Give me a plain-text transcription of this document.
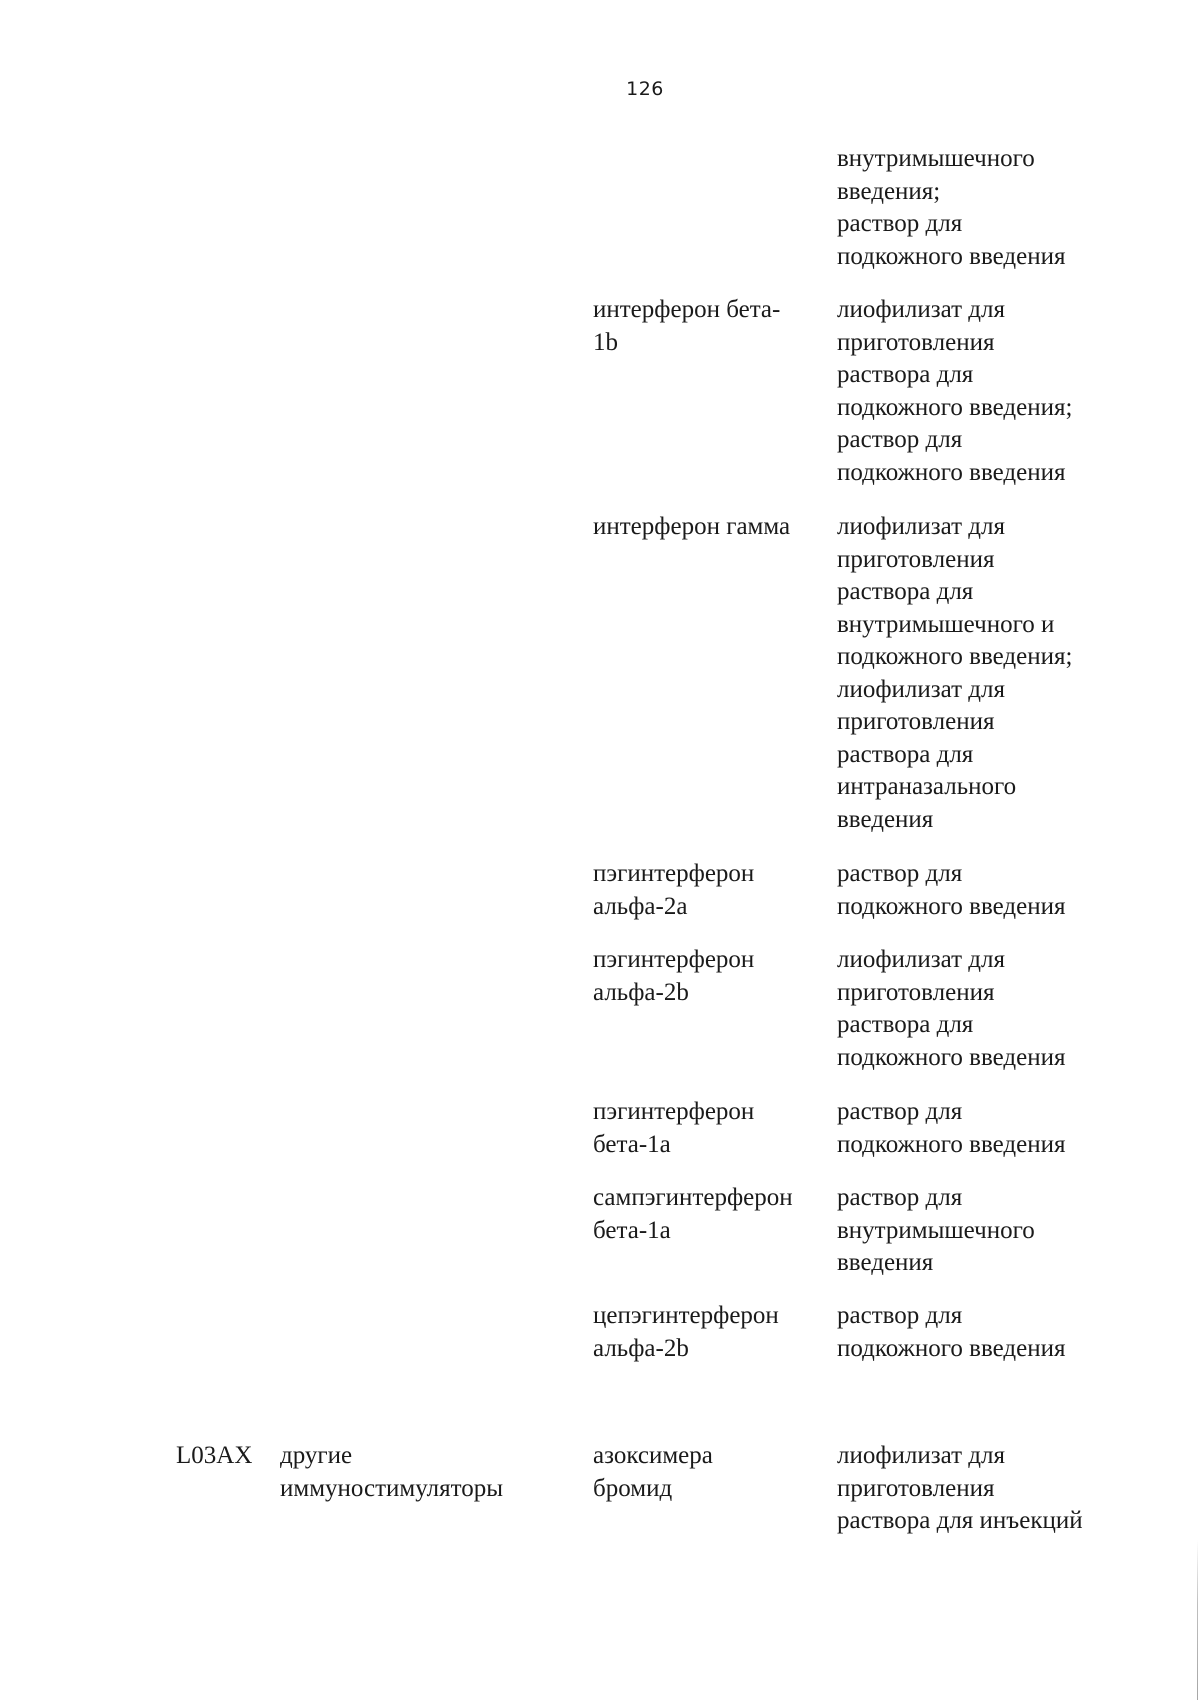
126
внутримышечного
введения;
раствор для
подкожного введения
интерферон бета-
1b
лиофилизат для
приготовления
раствора для
подкожного введения;
раствор для
подкожного введения
интерферон гамма лиофилизат для
приготовления
раствора для
внутримышечного и
подкожного введения;
лиофилизат для
приготовления
раствора для
интраназального
введения
пэгинтерферон
альфа-2a
раствор для
подкожного введения
пэгинтерферон
альфа-2b
лиофилизат для
приготовления
раствора для
подкожного введения
пэгинтерферон
бета-1a
раствор для
подкожного введения
сампэгинтерферон
бета-1a
раствор для
внутримышечного
введения
цепэгинтерферон
альфа-2b
раствор для
подкожного введения
L03AX другие
иммуностимуляторы
азоксимера
бромид
лиофилизат для
приготовления
раствора для инъекций
